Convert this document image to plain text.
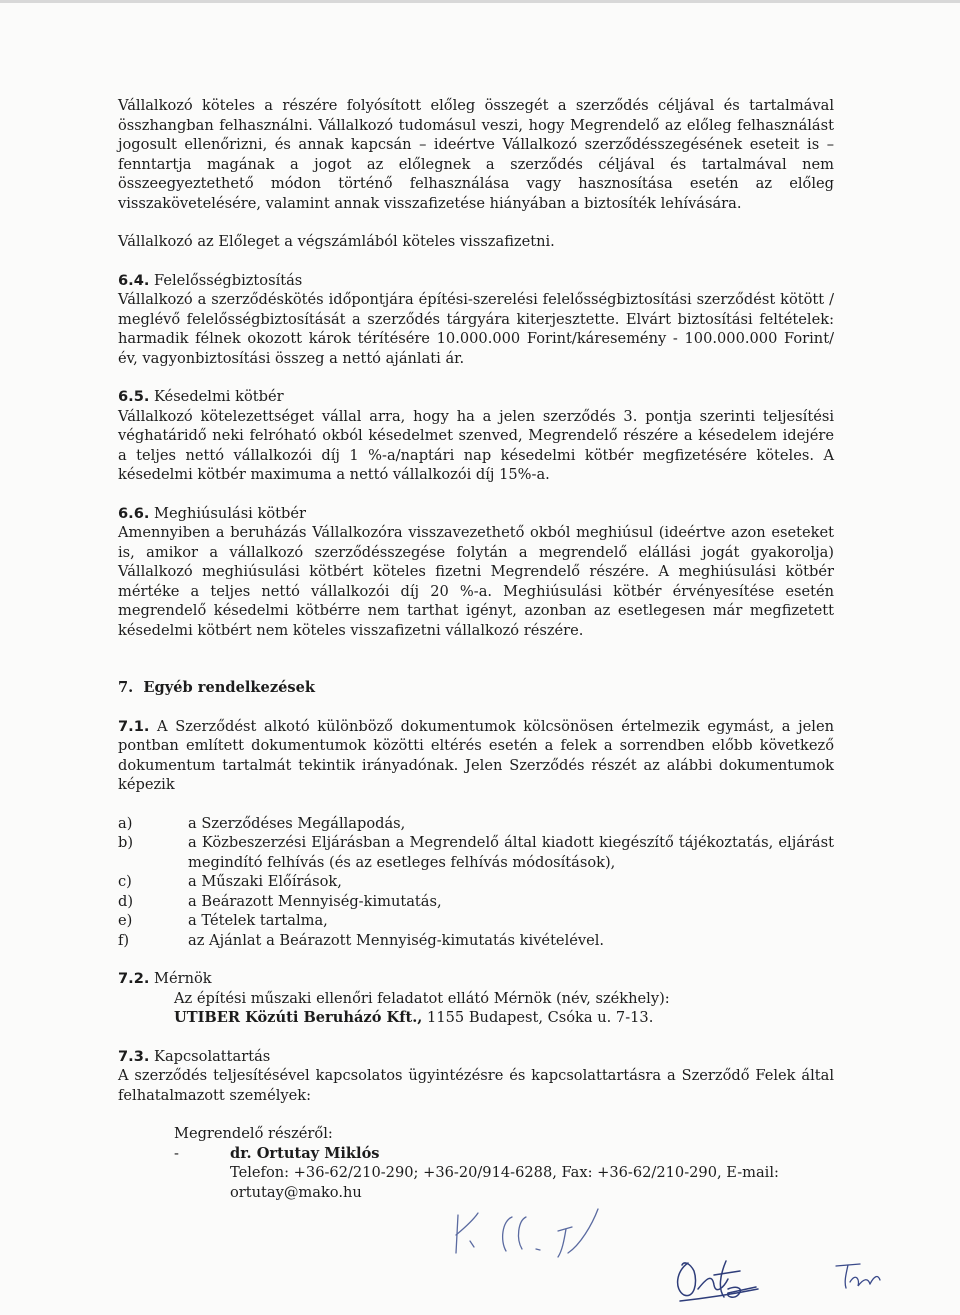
Vállalkozó köteles a részére folyósított előleg összegét a szerződés céljával és tartalmával összhangban felhasználni. Vállalkozó tudomásul veszi, hogy Megrendelő az előleg felhasználást jogosult ellenőrizni, és annak kapcsán – ideértve Vállalkozó szerződésszegésének eseteit is – fenntartja magának a jogot az előlegnek a szerződés céljával és tartalmával nem összeegyeztethető módon történő felhasználása vagy hasznosítása esetén az előleg visszakövetelésére, valamint annak visszafizetése hiányában a biztosíték lehívására.

Vállalkozó az Előleget a végszámlából köteles visszafizetni.

6.4. Felelősségbiztosítás

Vállalkozó a szerződéskötés időpontjára építési-szerelési felelősségbiztosítási szerződést kötött / meglévő felelősségbiztosítását a szerződés tárgyára kiterjesztette. Elvárt biztosítási feltételek: harmadik félnek okozott károk térítésére 10.000.000 Forint/káresemény - 100.000.000 Forint/év, vagyonbiztosítási összeg a nettó ajánlati ár.

6.5. Késedelmi kötbér

Vállalkozó kötelezettséget vállal arra, hogy ha a jelen szerződés 3. pontja szerinti teljesítési véghatáridő neki felróható okból késedelmet szenved, Megrendelő részére a késedelem idejére a teljes nettó vállalkozói díj 1 %-a/naptári nap késedelmi kötbér megfizetésére köteles. A késedelmi kötbér maximuma a nettó vállalkozói díj 15%-a.

6.6. Meghiúsulási kötbér

Amennyiben a beruházás Vállalkozóra visszavezethető okból meghiúsul (ideértve azon eseteket is, amikor a vállalkozó szerződésszegése folytán a megrendelő elállási jogát gyakorolja) Vállalkozó meghiúsulási kötbért köteles fizetni Megrendelő részére. A meghiúsulási kötbér mértéke a teljes nettó vállalkozói díj 20 %-a. Meghiúsulási kötbér érvényesítése esetén megrendelő késedelmi kötbérre nem tarthat igényt, azonban az esetlegesen már megfizetett késedelmi kötbért nem köteles visszafizetni vállalkozó részére.

7. Egyéb rendelkezések

7.1. A Szerződést alkotó különböző dokumentumok kölcsönösen értelmezik egymást, a jelen pontban említett dokumentumok közötti eltérés esetén a felek a sorrendben előbb következő dokumentum tartalmát tekintik irányadónak. Jelen Szerződés részét az alábbi dokumentumok képezik

a)	a Szerződéses Megállapodás,
b)	a Közbeszerzési Eljárásban a Megrendelő által kiadott kiegészítő tájékoztatás, eljárást megindító felhívás (és az esetleges felhívás módosítások),
c)	a Műszaki Előírások,
d)	a Beárazott Mennyiség-kimutatás,
e)	a Tételek tartalma,
f)	az Ajánlat a Beárazott Mennyiség-kimutatás kivételével.

7.2. Mérnök

Az építési műszaki ellenőri feladatot ellátó Mérnök (név, székhely):

UTIBER Közúti Beruházó Kft., 1155 Budapest, Csóka u. 7-13.

7.3. Kapcsolattartás

A szerződés teljesítésével kapcsolatos ügyintézésre és kapcsolattartásra a Szerződő Felek által felhatalmazott személyek:

Megrendelő részéről:

-	dr. Ortutay Miklós

Telefon: +36-62/210-290; +36-20/914-6288, Fax: +36-62/210-290, E-mail: ortutay@mako.hu
